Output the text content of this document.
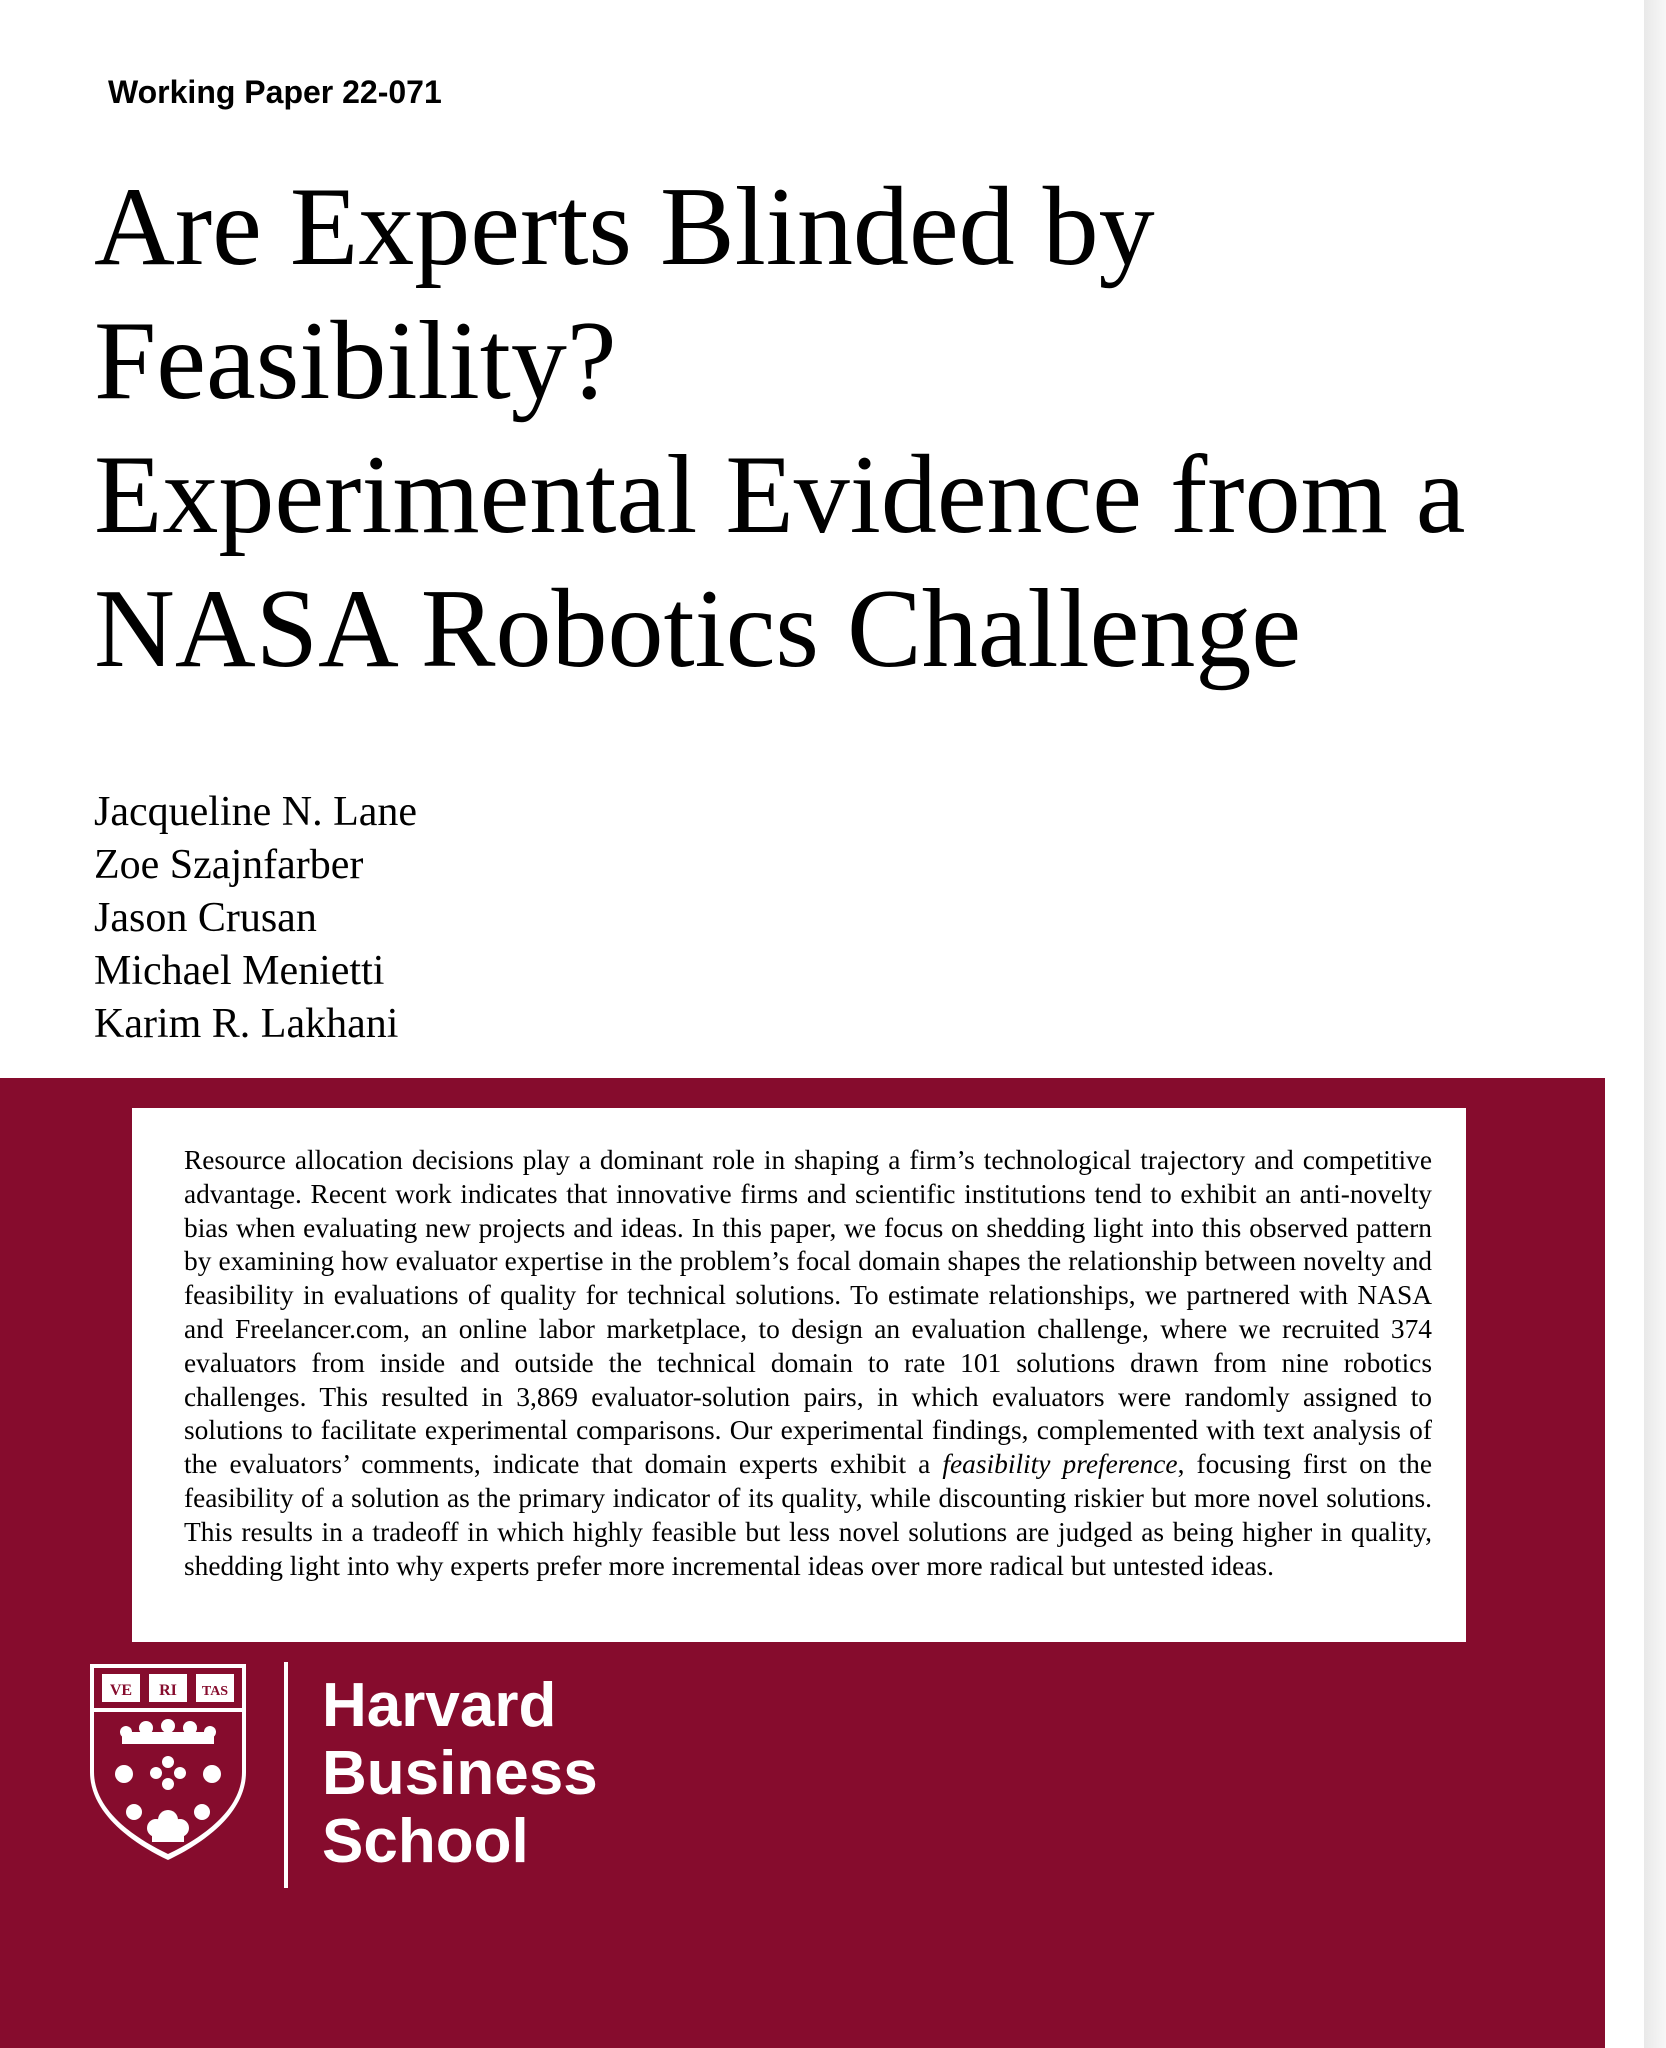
Working Paper 22-071
Are Experts Blinded by
Feasibility?
Experimental Evidence from a
NASA Robotics Challenge
Jacqueline N. Lane
Zoe Szajnfarber
Jason Crusan
Michael Menietti
Karim R. Lakhani

Resource allocation decisions play a dominant role in shaping a firm’s technological trajectory and competitive advantage. Recent work indicates that innovative firms and scientific institutions tend to exhibit an anti-novelty bias when evaluating new projects and ideas. In this paper, we focus on shedding light into this observed pattern by examining how evaluator expertise in the problem’s focal domain shapes the relationship between novelty and feasibility in evaluations of quality for technical solutions. To estimate relationships, we partnered with NASA and Freelancer.com, an online labor marketplace, to design an evaluation challenge, where we recruited 374 evaluators from inside and outside the technical domain to rate 101 solutions drawn from nine robotics challenges. This resulted in 3,869 evaluator-solution pairs, in which evaluators were randomly assigned to solutions to facilitate experimental comparisons. Our experimental findings, complemented with text analysis of the evaluators’ comments, indicate that domain experts exhibit a feasibility preference, focusing first on the feasibility of a solution as the primary indicator of its quality, while discounting riskier but more novel solutions. This results in a tradeoff in which highly feasible but less novel solutions are judged as being higher in quality, shedding light into why experts prefer more incremental ideas over more radical but untested ideas.

VE RI TAS Harvard
Business
School
